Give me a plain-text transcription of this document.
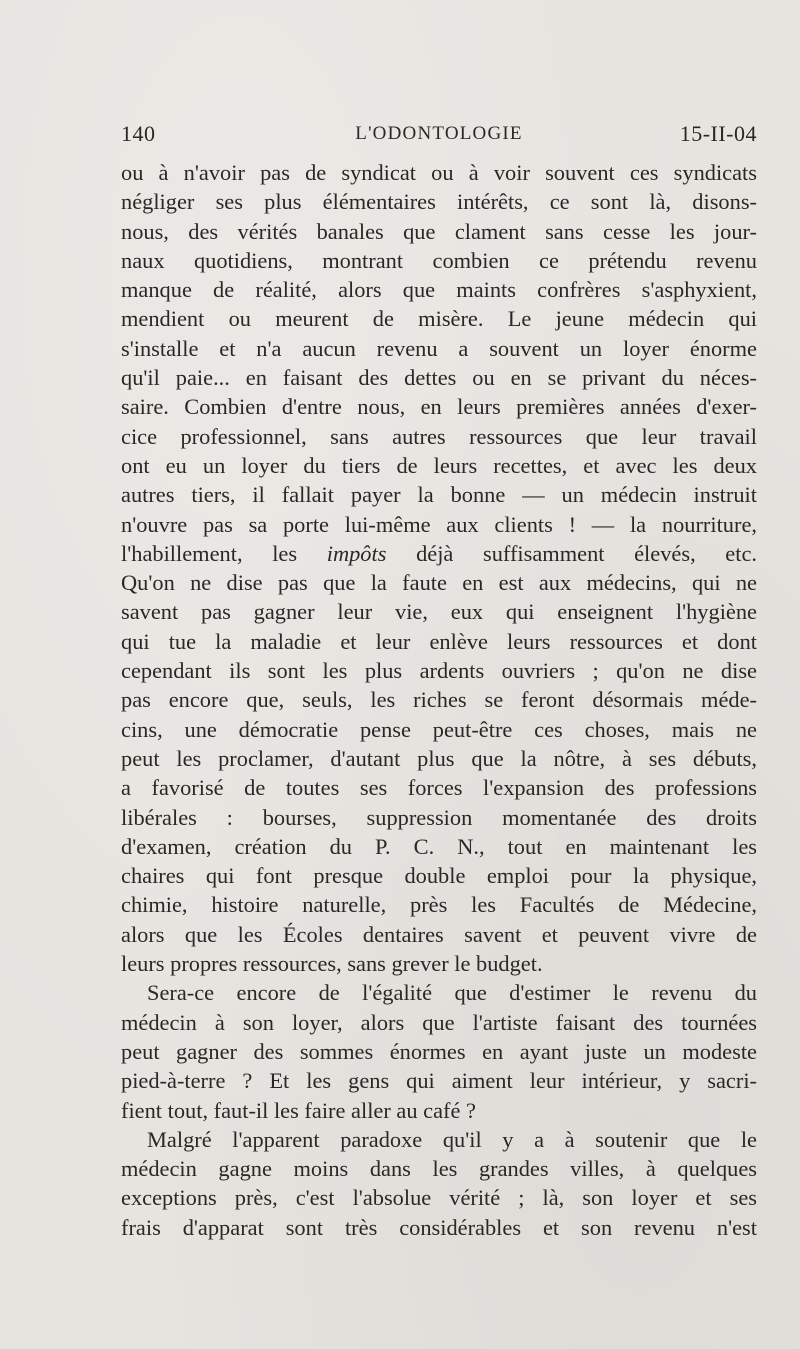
140	L'ODONTOLOGIE	15-II-04
ou à n'avoir pas de syndicat ou à voir souvent ces syndicats
négliger ses plus élémentaires intérêts, ce sont là, disons-
nous, des vérités banales que clament sans cesse les jour-
naux quotidiens, montrant combien ce prétendu revenu
manque de réalité, alors que maints confrères s'asphyxient,
mendient ou meurent de misère. Le jeune médecin qui
s'installe et n'a aucun revenu a souvent un loyer énorme
qu'il paie... en faisant des dettes ou en se privant du néces-
saire. Combien d'entre nous, en leurs premières années d'exer-
cice professionnel, sans autres ressources que leur travail
ont eu un loyer du tiers de leurs recettes, et avec les deux
autres tiers, il fallait payer la bonne — un médecin instruit
n'ouvre pas sa porte lui-même aux clients ! — la nourriture,
l'habillement, les impôts déjà suffisamment élevés, etc.
Qu'on ne dise pas que la faute en est aux médecins, qui ne
savent pas gagner leur vie, eux qui enseignent l'hygiène
qui tue la maladie et leur enlève leurs ressources et dont
cependant ils sont les plus ardents ouvriers ; qu'on ne dise
pas encore que, seuls, les riches se feront désormais méde-
cins, une démocratie pense peut-être ces choses, mais ne
peut les proclamer, d'autant plus que la nôtre, à ses débuts,
a favorisé de toutes ses forces l'expansion des professions
libérales : bourses, suppression momentanée des droits
d'examen, création du P. C. N., tout en maintenant les
chaires qui font presque double emploi pour la physique,
chimie, histoire naturelle, près les Facultés de Médecine,
alors que les Écoles dentaires savent et peuvent vivre de
leurs propres ressources, sans grever le budget.
Sera-ce encore de l'égalité que d'estimer le revenu du
médecin à son loyer, alors que l'artiste faisant des tournées
peut gagner des sommes énormes en ayant juste un modeste
pied-à-terre ? Et les gens qui aiment leur intérieur, y sacri-
fient tout, faut-il les faire aller au café ?
Malgré l'apparent paradoxe qu'il y a à soutenir que le
médecin gagne moins dans les grandes villes, à quelques
exceptions près, c'est l'absolue vérité ; là, son loyer et ses
frais d'apparat sont très considérables et son revenu n'est
